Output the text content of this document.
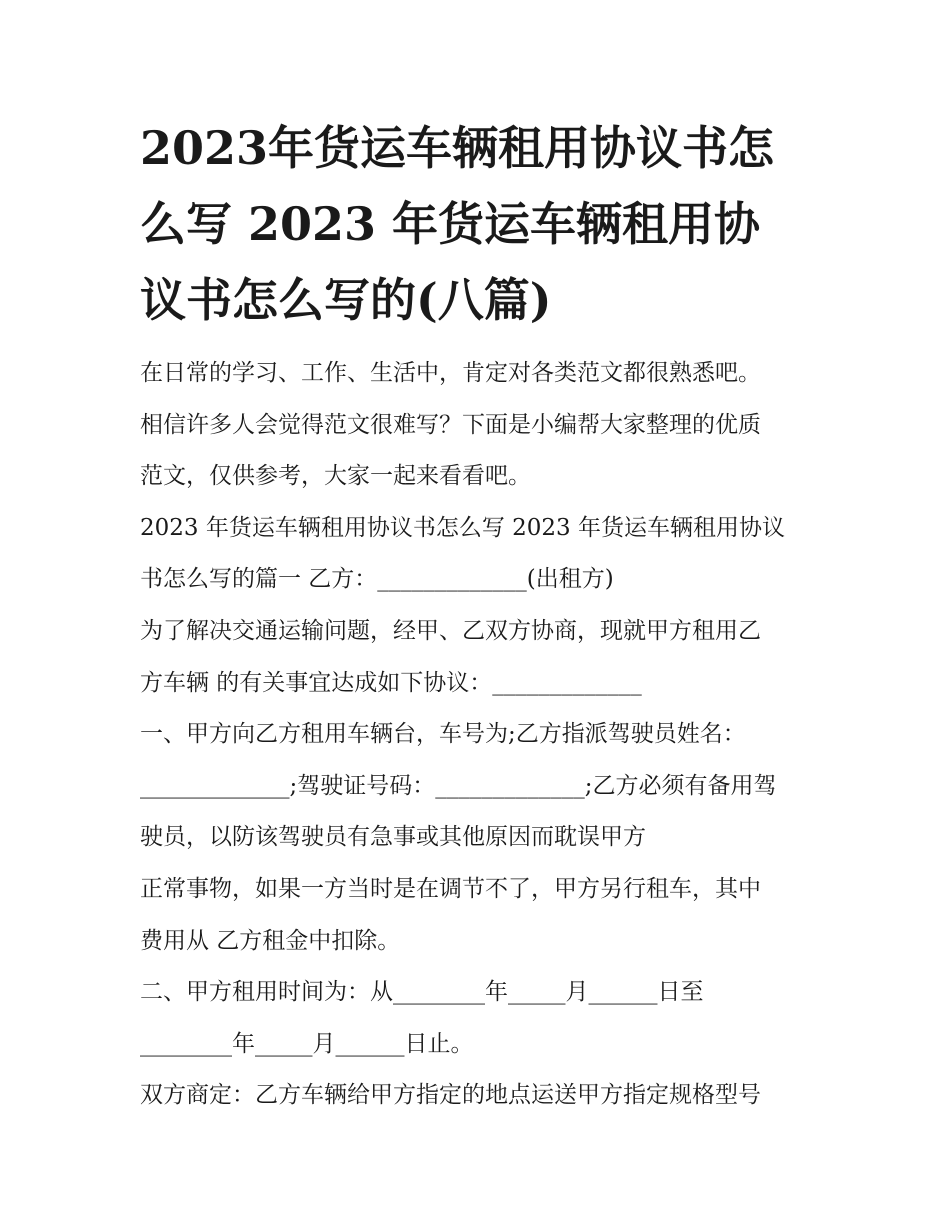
2023年货运车辆租用协议书怎
么写 2023 年货运车辆租用协
议书怎么写的(八篇)
在日常的学习、工作、生活中，肯定对各类范文都很熟悉吧。
相信许多人会觉得范文很难写？下面是小编帮大家整理的优质
范文，仅供参考，大家一起来看看吧。
2023 年货运车辆租用协议书怎么写 2023 年货运车辆租用协议
书怎么写的篇一 乙方：_____________(出租方)
为了解决交通运输问题，经甲、乙双方协商，现就甲方租用乙
方车辆 的有关事宜达成如下协议：_____________
一、甲方向乙方租用车辆台，车号为;乙方指派驾驶员姓名：
_____________;驾驶证号码：_____________;乙方必须有备用驾
驶员，以防该驾驶员有急事或其他原因而耽误甲方
正常事物，如果一方当时是在调节不了，甲方另行租车，其中
费用从 乙方租金中扣除。
二、甲方租用时间为：从________年_____月______日至
________年_____月______日止。
双方商定：乙方车辆给甲方指定的地点运送甲方指定规格型号
